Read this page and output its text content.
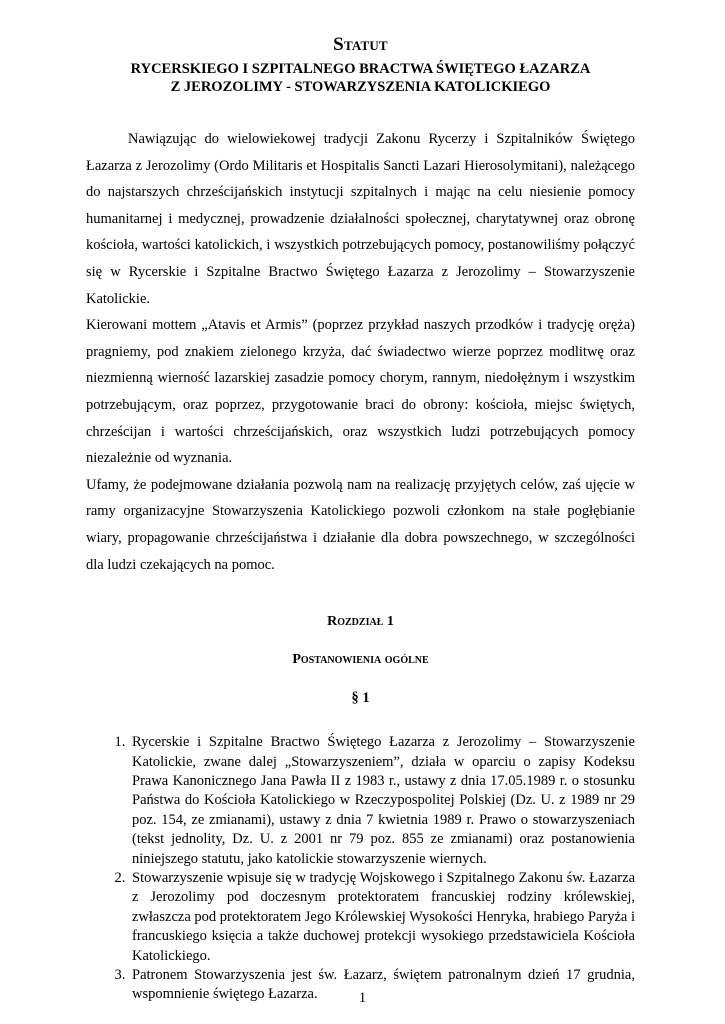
Statut
RYCERSKIEGO I SZPITALNEGO BRACTWA ŚWIĘTEGO ŁAZARZA
Z JEROZOLIMY - STOWARZYSZENIA KATOLICKIEGO

Nawiązując do wielowiekowej tradycji Zakonu Rycerzy i Szpitalników Świętego Łazarza z Jerozolimy (Ordo Militaris et Hospitalis Sancti Lazari Hierosolymitani), należącego do najstarszych chrześcijańskich instytucji szpitalnych i mając na celu niesienie pomocy humanitarnej i medycznej, prowadzenie działalności społecznej, charytatywnej oraz obronę kościoła, wartości katolickich, i wszystkich potrzebujących pomocy, postanowiliśmy połączyć się w Rycerskie i Szpitalne Bractwo Świętego Łazarza z Jerozolimy – Stowarzyszenie Katolickie.

Kierowani mottem „Atavis et Armis” (poprzez przykład naszych przodków i tradycję oręża) pragniemy, pod znakiem zielonego krzyża, dać świadectwo wierze poprzez modlitwę oraz niezmienną wierność lazarskiej zasadzie pomocy chorym, rannym, niedołężnym i wszystkim potrzebującym, oraz poprzez, przygotowanie braci do obrony: kościoła, miejsc świętych, chrześcijan i wartości chrześcijańskich, oraz wszystkich ludzi potrzebujących pomocy niezależnie od wyznania.

Ufamy, że podejmowane działania pozwolą nam na realizację przyjętych celów, zaś ujęcie w ramy organizacyjne Stowarzyszenia Katolickiego pozwoli członkom na stałe pogłębianie wiary, propagowanie chrześcijaństwa i działanie dla dobra powszechnego, w szczególności dla ludzi czekających na pomoc.

Rozdział 1
Postanowienia ogólne
§ 1
1. Rycerskie i Szpitalne Bractwo Świętego Łazarza z Jerozolimy – Stowarzyszenie Katolickie, zwane dalej „Stowarzyszeniem”, działa w oparciu o zapisy Kodeksu Prawa Kanonicznego Jana Pawła II z 1983 r., ustawy z dnia 17.05.1989 r. o stosunku Państwa do Kościoła Katolickiego w Rzeczypospolitej Polskiej (Dz. U. z 1989 nr 29 poz. 154, ze zmianami), ustawy z dnia 7 kwietnia 1989 r. Prawo o stowarzyszeniach (tekst jednolity, Dz. U. z 2001 nr 79 poz. 855 ze zmianami) oraz postanowienia niniejszego statutu, jako katolickie stowarzyszenie wiernych.
2. Stowarzyszenie wpisuje się w tradycję Wojskowego i Szpitalnego Zakonu św. Łazarza z Jerozolimy pod doczesnym protektoratem francuskiej rodziny królewskiej, zwłaszcza pod protektoratem Jego Królewskiej Wysokości Henryka, hrabiego Paryża i francuskiego księcia a także duchowej protekcji wysokiego przedstawiciela Kościoła Katolickiego.
3. Patronem Stowarzyszenia jest św. Łazarz, świętem patronalnym dzień 17 grudnia, wspomnienie świętego Łazarza.	1
